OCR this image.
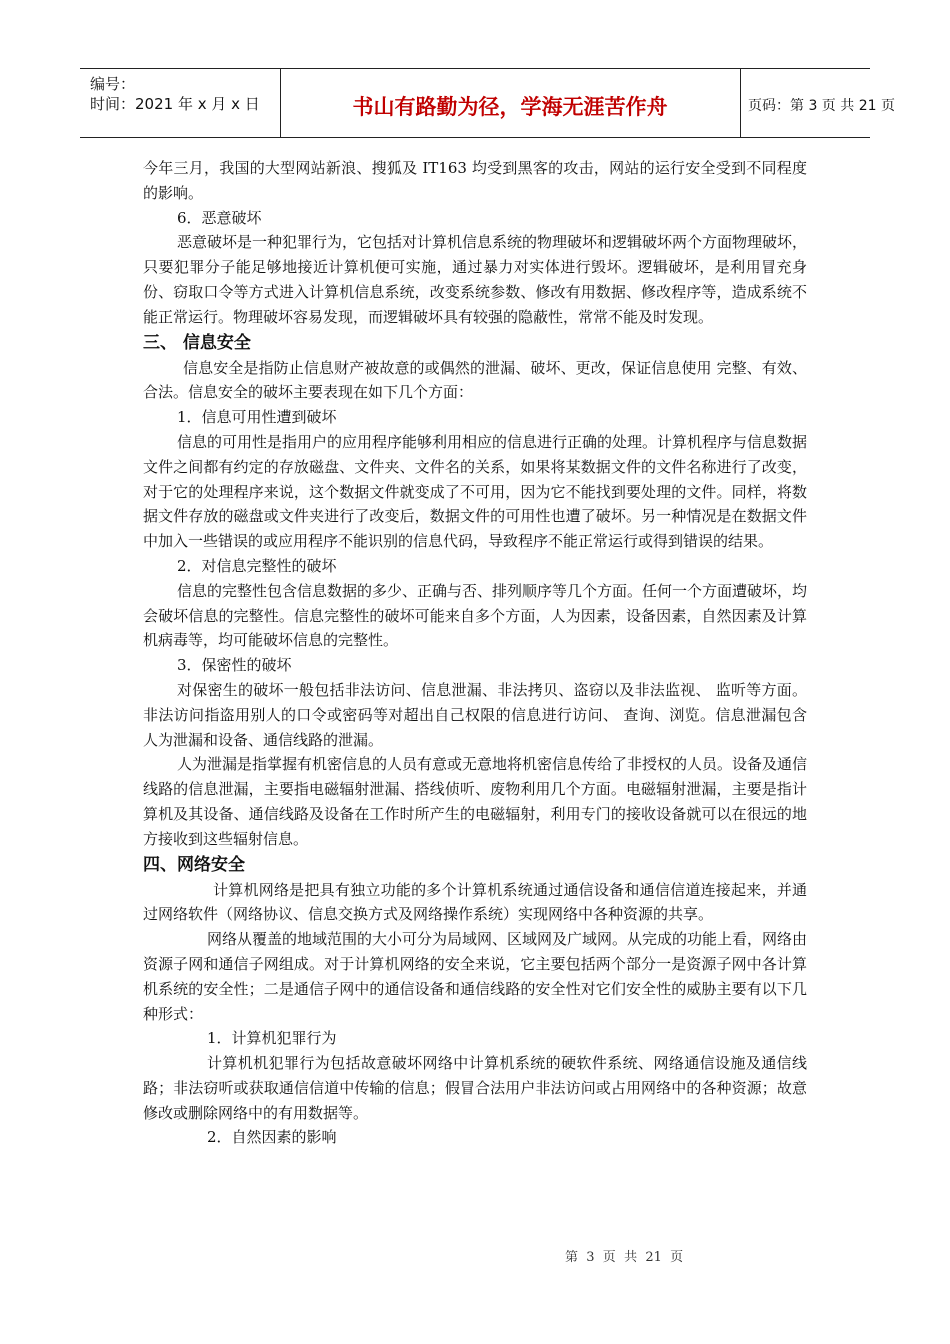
编号：
时间：2021 年 x 月 x 日	书山有路勤为径，学海无涯苦作舟	页码：第 3 页 共 21 页

今年三月，我国的大型网站新浪、搜狐及 IT163 均受到黑客的攻击，网站的运行安全受到不同程度的影响。

6．恶意破坏

恶意破坏是一种犯罪行为，它包括对计算机信息系统的物理破坏和逻辑破坏两个方面物理破坏，只要犯罪分子能足够地接近计算机便可实施，通过暴力对实体进行毁坏。逻辑破坏，是利用冒充身份、窃取口令等方式进入计算机信息系统，改变系统参数、修改有用数据、修改程序等，造成系统不能正常运行。物理破坏容易发现，而逻辑破坏具有较强的隐蔽性，常常不能及时发现。

三、 信息安全

信息安全是指防止信息财产被故意的或偶然的泄漏、破坏、更改，保证信息使用 完整、有效、合法。信息安全的破坏主要表现在如下几个方面：

1．信息可用性遭到破坏

信息的可用性是指用户的应用程序能够利用相应的信息进行正确的处理。计算机程序与信息数据文件之间都有约定的存放磁盘、文件夹、文件名的关系，如果将某数据文件的文件名称进行了改变，对于它的处理程序来说，这个数据文件就变成了不可用，因为它不能找到要处理的文件。同样，将数据文件存放的磁盘或文件夹进行了改变后，数据文件的可用性也遭了破坏。另一种情况是在数据文件中加入一些错误的或应用程序不能识别的信息代码，导致程序不能正常运行或得到错误的结果。

2．对信息完整性的破坏

信息的完整性包含信息数据的多少、正确与否、排列顺序等几个方面。任何一个方面遭破坏，均会破坏信息的完整性。信息完整性的破坏可能来自多个方面，人为因素，设备因素，自然因素及计算机病毒等，均可能破坏信息的完整性。

3．保密性的破坏

对保密生的破坏一般包括非法访问、信息泄漏、非法拷贝、盗窃以及非法监视、 监听等方面。非法访问指盗用别人的口令或密码等对超出自己权限的信息进行访问、 查询、浏览。信息泄漏包含人为泄漏和设备、通信线路的泄漏。

人为泄漏是指掌握有机密信息的人员有意或无意地将机密信息传给了非授权的人员。设备及通信线路的信息泄漏，主要指电磁辐射泄漏、搭线侦听、废物利用几个方面。电磁辐射泄漏，主要是指计算机及其设备、通信线路及设备在工作时所产生的电磁辐射，利用专门的接收设备就可以在很远的地方接收到这些辐射信息。

四、网络安全

计算机网络是把具有独立功能的多个计算机系统通过通信设备和通信信道连接起来，并通过网络软件（网络协议、信息交换方式及网络操作系统）实现网络中各种资源的共享。

网络从覆盖的地域范围的大小可分为局域网、区域网及广域网。从完成的功能上看，网络由资源子网和通信子网组成。对于计算机网络的安全来说，它主要包括两个部分一是资源子网中各计算机系统的安全性；二是通信子网中的通信设备和通信线路的安全性对它们安全性的威胁主要有以下几种形式：

1．计算机犯罪行为

计算机机犯罪行为包括故意破坏网络中计算机系统的硬软件系统、网络通信设施及通信线路；非法窃听或获取通信信道中传输的信息；假冒合法用户非法访问或占用网络中的各种资源；故意修改或删除网络中的有用数据等。

2．自然因素的影响

第  3  页  共  21  页
